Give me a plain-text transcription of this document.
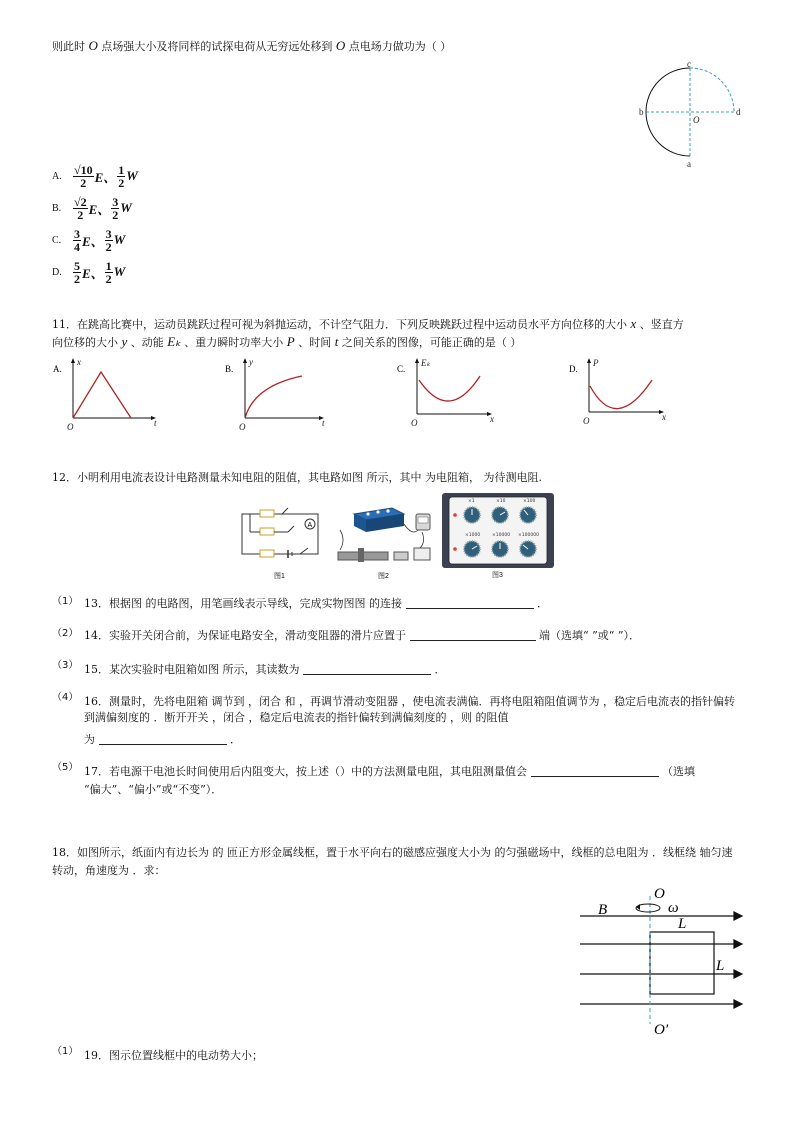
则此时 O 点场强大小及将同样的试探电荷从无穷远处移到 O 点电场力做功为（ ）
c
b
O
d
a
A. $\frac{√10}{2}$ E、 $\frac{1}{2}$ W
B. $\frac{√2}{2}$ E、 $\frac{3}{2}$ W
C. $\frac{3}{4}$ E、 $\frac{3}{2}$ W
D. $\frac{5}{2}$ E、 $\frac{1}{2}$ W
11．在跳高比赛中，运动员跳跃过程可视为斜抛运动，不计空气阻力．下列反映跳跃过程中运动员水平方向位移的大小 x 、竖直方
向位移的大小 y 、动能 Eₖ 、重力瞬时功率大小 P 、时间 t 之间关系的图像，可能正确的是（ ）
A.
x
t
O
B.
y
t
O
C.
Eₖ
x
O
D.
P
x
O
12．小明利用电流表设计电路测量未知电阻的阻值，其电路如图 所示，其中 为电阻箱， 为待测电阻.
A
图1	图2
×1	×10	×100
×1000	×10000 ×100000
图3
（1） 13．根据图 的电路图，用笔画线表示导线，完成实物图图 的连接	．
（2） 14．实验开关闭合前，为保证电路安全，滑动变阻器的滑片应置于	端（选填“ ”或“ ”）．
（3） 15．某次实验时电阻箱如图 所示，其读数为	．
（4） 16．测量时，先将电阻箱 调节到 ，闭合 和 ，再调节滑动变阻器 ，使电流表满偏．再将电阻箱阻值调节为 ，稳定后电流表的指针偏转到满偏刻度的 ．断开开关 ，闭合 ，稳定后电流表的指针偏转到满偏刻度的 ，则 的阻值
为	．
（5） 17．若电源干电池长时间使用后内阻变大，按上述（）中的方法测量电阻，其电阻测量值会	（选填
“偏大”、“偏小”或“不变”）．
18．如图所示，纸面内有边长为 的 匝正方形金属线框，置于水平向右的磁感应强度大小为 的匀强磁场中，线框的总电阻为 ．线框绕 轴匀速转动，角速度为 ．求：
B
O
ω
L
L
O′
（1） 19．图示位置线框中的电动势大小；
